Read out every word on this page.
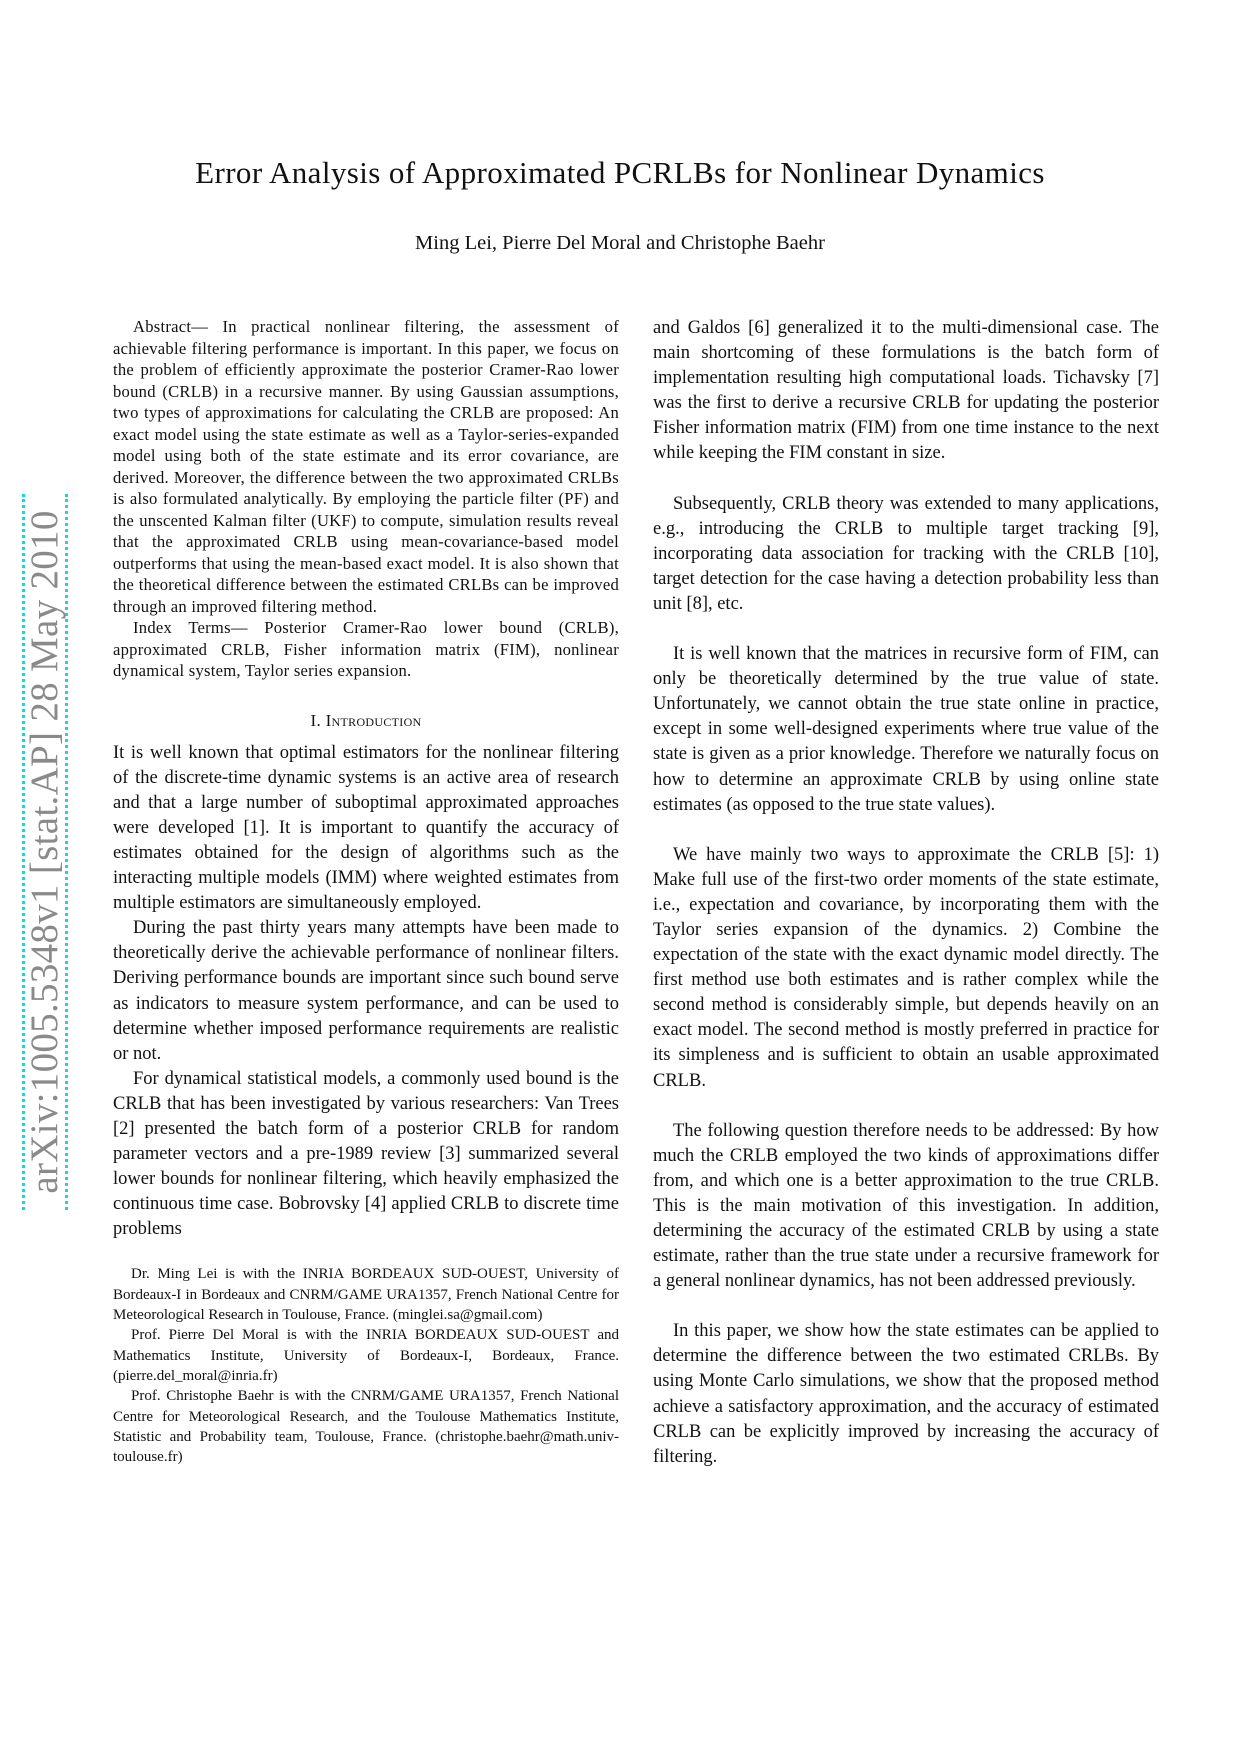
Error Analysis of Approximated PCRLBs for Nonlinear Dynamics
Ming Lei, Pierre Del Moral and Christophe Baehr
arXiv:1005.5348v1 [stat.AP] 28 May 2010

Abstract— In practical nonlinear filtering, the assessment of achievable filtering performance is important. In this paper, we focus on the problem of efficiently approximate the posterior Cramer-Rao lower bound (CRLB) in a recursive manner. By using Gaussian assumptions, two types of approximations for calculating the CRLB are proposed: An exact model using the state estimate as well as a Taylor-series-expanded model using both of the state estimate and its error covariance, are derived. Moreover, the difference between the two approximated CRLBs is also formulated analytically. By employing the particle filter (PF) and the unscented Kalman filter (UKF) to compute, simulation results reveal that the approximated CRLB using mean-covariance-based model outperforms that using the mean-based exact model. It is also shown that the theoretical difference between the estimated CRLBs can be improved through an improved filtering method.

Index Terms— Posterior Cramer-Rao lower bound (CRLB), approximated CRLB, Fisher information matrix (FIM), nonlinear dynamical system, Taylor series expansion.

I. Introduction

It is well known that optimal estimators for the nonlinear filtering of the discrete-time dynamic systems is an active area of research and that a large number of suboptimal approximated approaches were developed [1]. It is important to quantify the accuracy of estimates obtained for the design of algorithms such as the interacting multiple models (IMM) where weighted estimates from multiple estimators are simultaneously employed.

During the past thirty years many attempts have been made to theoretically derive the achievable performance of nonlinear filters. Deriving performance bounds are important since such bound serve as indicators to measure system performance, and can be used to determine whether imposed performance requirements are realistic or not.

For dynamical statistical models, a commonly used bound is the CRLB that has been investigated by various researchers: Van Trees [2] presented the batch form of a posterior CRLB for random parameter vectors and a pre-1989 review [3] summarized several lower bounds for nonlinear filtering, which heavily emphasized the continuous time case. Bobrovsky [4] applied CRLB to discrete time problems

Dr. Ming Lei is with the INRIA BORDEAUX SUD-OUEST, University of Bordeaux-I in Bordeaux and CNRM/GAME URA1357, French National Centre for Meteorological Research in Toulouse, France. (minglei.sa@gmail.com)

Prof. Pierre Del Moral is with the INRIA BORDEAUX SUD-OUEST and Mathematics Institute, University of Bordeaux-I, Bordeaux, France. (pierre.del_moral@inria.fr)

Prof. Christophe Baehr is with the CNRM/GAME URA1357, French National Centre for Meteorological Research, and the Toulouse Mathematics Institute, Statistic and Probability team, Toulouse, France. (christophe.baehr@math.univ-toulouse.fr)

and Galdos [6] generalized it to the multi-dimensional case. The main shortcoming of these formulations is the batch form of implementation resulting high computational loads. Tichavsky [7] was the first to derive a recursive CRLB for updating the posterior Fisher information matrix (FIM) from one time instance to the next while keeping the FIM constant in size.

Subsequently, CRLB theory was extended to many applications, e.g., introducing the CRLB to multiple target tracking [9], incorporating data association for tracking with the CRLB [10], target detection for the case having a detection probability less than unit [8], etc.

It is well known that the matrices in recursive form of FIM, can only be theoretically determined by the true value of state. Unfortunately, we cannot obtain the true state online in practice, except in some well-designed experiments where true value of the state is given as a prior knowledge. Therefore we naturally focus on how to determine an approximate CRLB by using online state estimates (as opposed to the true state values).

We have mainly two ways to approximate the CRLB [5]: 1) Make full use of the first-two order moments of the state estimate, i.e., expectation and covariance, by incorporating them with the Taylor series expansion of the dynamics. 2) Combine the expectation of the state with the exact dynamic model directly. The first method use both estimates and is rather complex while the second method is considerably simple, but depends heavily on an exact model. The second method is mostly preferred in practice for its simpleness and is sufficient to obtain an usable approximated CRLB.

The following question therefore needs to be addressed: By how much the CRLB employed the two kinds of approximations differ from, and which one is a better approximation to the true CRLB. This is the main motivation of this investigation. In addition, determining the accuracy of the estimated CRLB by using a state estimate, rather than the true state under a recursive framework for a general nonlinear dynamics, has not been addressed previously.

In this paper, we show how the state estimates can be applied to determine the difference between the two estimated CRLBs. By using Monte Carlo simulations, we show that the proposed method achieve a satisfactory approximation, and the accuracy of estimated CRLB can be explicitly improved by increasing the accuracy of filtering.
